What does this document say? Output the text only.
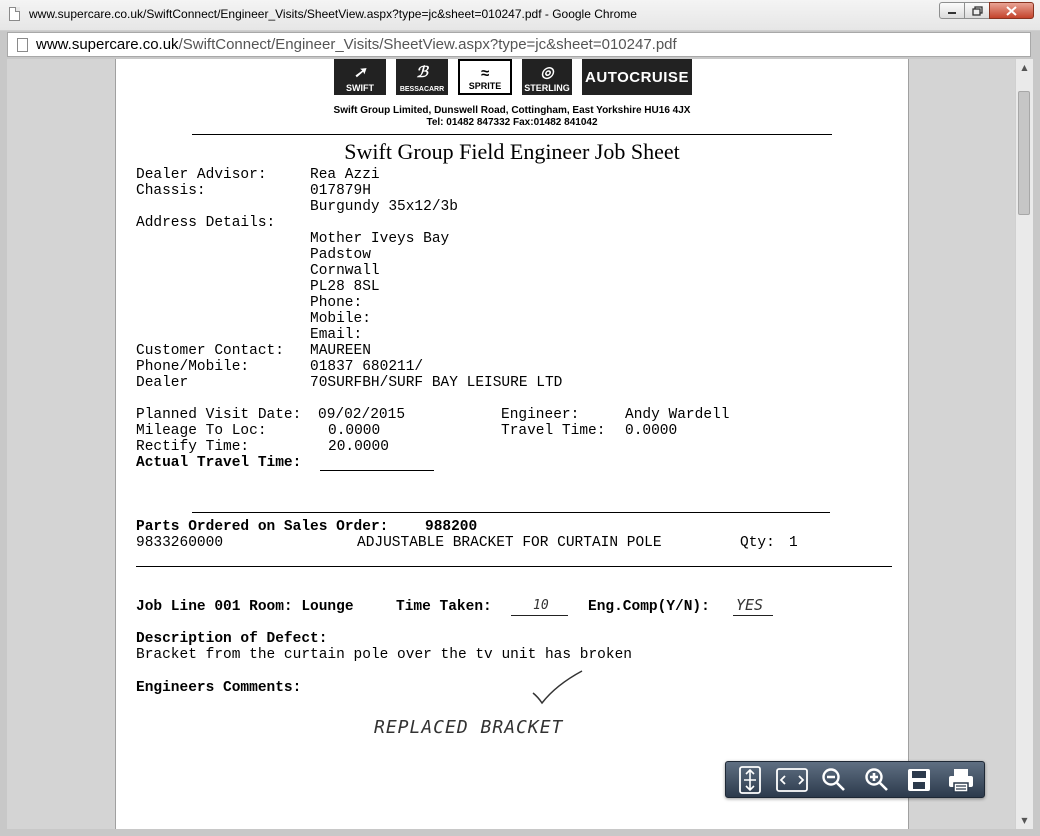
www.supercare.co.uk/SwiftConnect/Engineer_Visits/SheetView.aspx?type=jc&sheet=010247.pdf - Google Chrome
www.supercare.co.uk/SwiftConnect/Engineer_Visits/SheetView.aspx?type=jc&sheet=010247.pdf
➚
SWIFT
ℬ
BESSACARR
≈
SPRITE
◎
STERLING
AUTOCRUISE
Swift Group Limited, Dunswell Road, Cottingham, East Yorkshire HU16 4JX
Tel: 01482 847332 Fax:01482 841042
Swift Group Field Engineer Job Sheet
Dealer Advisor:	Rea Azzi
Chassis:	017879H
Burgundy 35x12/3b
Address Details:
Mother Iveys Bay
Padstow
Cornwall
PL28 8SL
Phone:
Mobile:
Email:
Customer Contact: MAUREEN
Phone/Mobile:	01837 680211/
Dealer	70SURFBH/SURF BAY LEISURE LTD
Planned Visit Date: 09/02/2015	Engineer:	Andy Wardell
Mileage To Loc:	0.0000	Travel Time: 0.0000
Rectify Time:	20.0000
Actual Travel Time:
Parts Ordered on Sales Order:	988200
9833260000	ADJUSTABLE BRACKET FOR CURTAIN POLE	Qty: 1
Job Line 001 Room: Lounge	Time Taken:	10	Eng.Comp(Y/N): YES
Description of Defect:
Bracket from the curtain pole over the tv unit has broken
Engineers Comments:
REPLACED BRACKET
▲
▼
